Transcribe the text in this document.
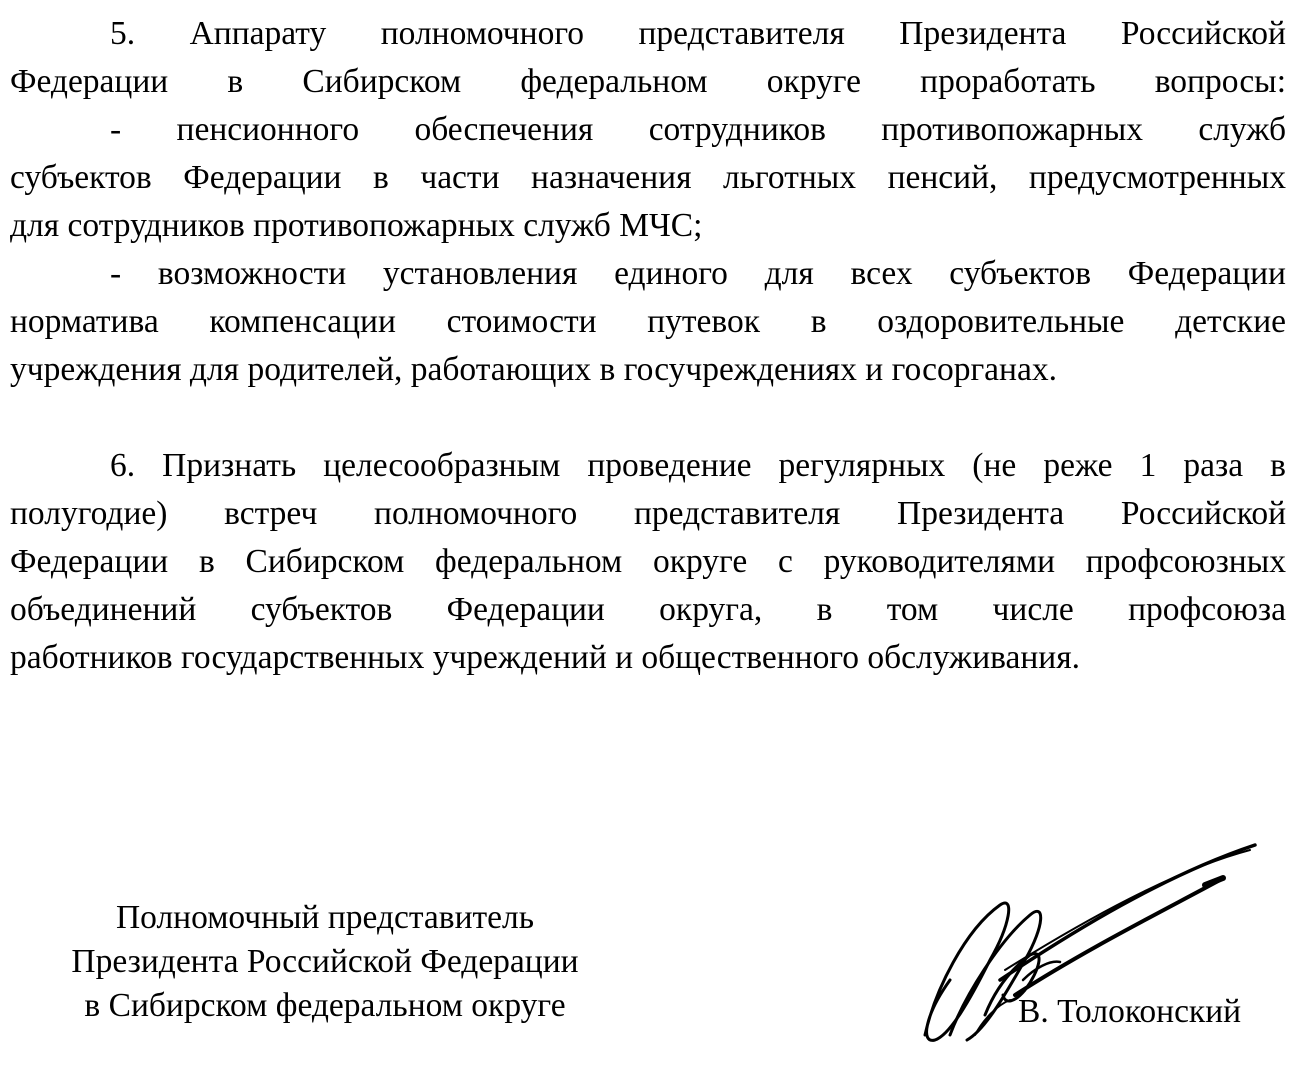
5. Аппарату полномочного представителя Президента Российской
Федерации в Сибирском федеральном округе проработать вопросы:
- пенсионного обеспечения сотрудников противопожарных служб
субъектов Федерации в части назначения льготных пенсий, предусмотренных
для сотрудников противопожарных служб МЧС;
- возможности установления единого для всех субъектов Федерации
норматива компенсации стоимости путевок в оздоровительные детские
учреждения для родителей, работающих в госучреждениях и госорганах.
6. Признать целесообразным проведение регулярных (не реже 1 раза в
полугодие) встреч полномочного представителя Президента Российской
Федерации в Сибирском федеральном округе с руководителями профсоюзных
объединений субъектов Федерации округа, в том числе профсоюза
работников государственных учреждений и общественного обслуживания.
Полномочный представитель
Президента Российской Федерации
в Сибирском федеральном округе	В. Толоконский
